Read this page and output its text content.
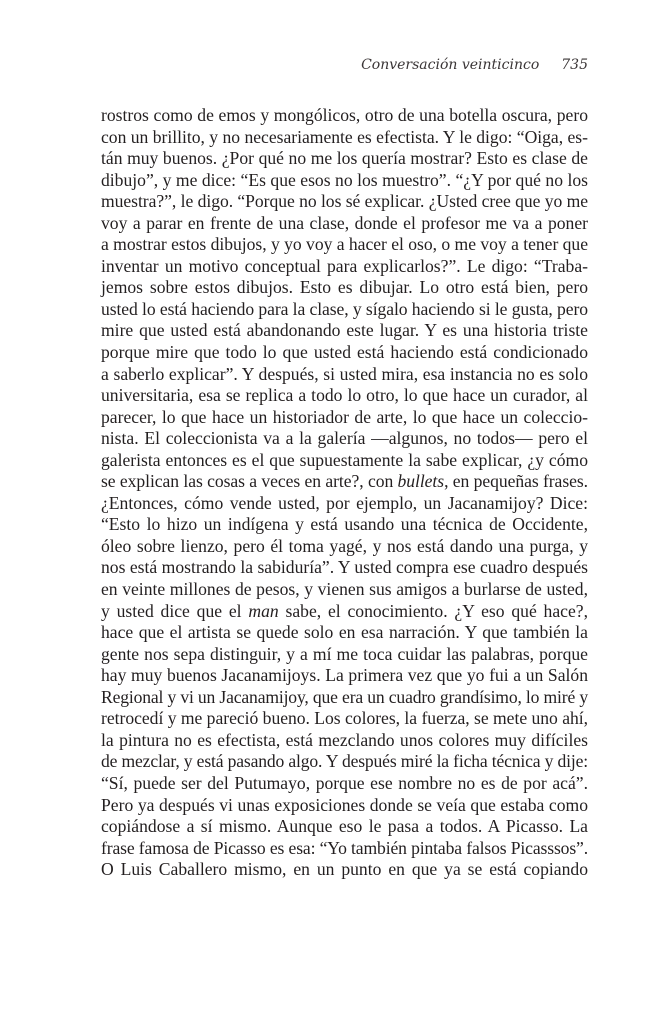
Conversación veinticinco 735
rostros como de emos y mongólicos, otro de una botella oscura, pero
con un brillito, y no necesariamente es efectista. Y le digo: “Oiga, es-
tán muy buenos. ¿Por qué no me los quería mostrar? Esto es clase de
dibujo”, y me dice: “Es que esos no los muestro”. “¿Y por qué no los
muestra?”, le digo. “Porque no los sé explicar. ¿Usted cree que yo me
voy a parar en frente de una clase, donde el profesor me va a poner
a mostrar estos dibujos, y yo voy a hacer el oso, o me voy a tener que
inventar un motivo conceptual para explicarlos?”. Le digo: “Traba-
jemos sobre estos dibujos. Esto es dibujar. Lo otro está bien, pero
usted lo está haciendo para la clase, y sígalo haciendo si le gusta, pero
mire que usted está abandonando este lugar. Y es una historia triste
porque mire que todo lo que usted está haciendo está condicionado
a saberlo explicar”. Y después, si usted mira, esa instancia no es solo
universitaria, esa se replica a todo lo otro, lo que hace un curador, al
parecer, lo que hace un historiador de arte, lo que hace un coleccio-
nista. El coleccionista va a la galería —algunos, no todos— pero el
galerista entonces es el que supuestamente la sabe explicar, ¿y cómo
se explican las cosas a veces en arte?, con bullets, en pequeñas frases.
¿Entonces, cómo vende usted, por ejemplo, un Jacanamijoy? Dice:
“Esto lo hizo un indígena y está usando una técnica de Occidente,
óleo sobre lienzo, pero él toma yagé, y nos está dando una purga, y
nos está mostrando la sabiduría”. Y usted compra ese cuadro después
en veinte millones de pesos, y vienen sus amigos a burlarse de usted,
y usted dice que el man sabe, el conocimiento. ¿Y eso qué hace?,
hace que el artista se quede solo en esa narración. Y que también la
gente nos sepa distinguir, y a mí me toca cuidar las palabras, porque
hay muy buenos Jacanamijoys. La primera vez que yo fui a un Salón
Regional y vi un Jacanamijoy, que era un cuadro grandísimo, lo miré y
retrocedí y me pareció bueno. Los colores, la fuerza, se mete uno ahí,
la pintura no es efectista, está mezclando unos colores muy difíciles
de mezclar, y está pasando algo. Y después miré la ficha técnica y dije:
“Sí, puede ser del Putumayo, porque ese nombre no es de por acá”.
Pero ya después vi unas exposiciones donde se veía que estaba como
copiándose a sí mismo. Aunque eso le pasa a todos. A Picasso. La
frase famosa de Picasso es esa: “Yo también pintaba falsos Picasssos”.
O Luis Caballero mismo, en un punto en que ya se está copiando
